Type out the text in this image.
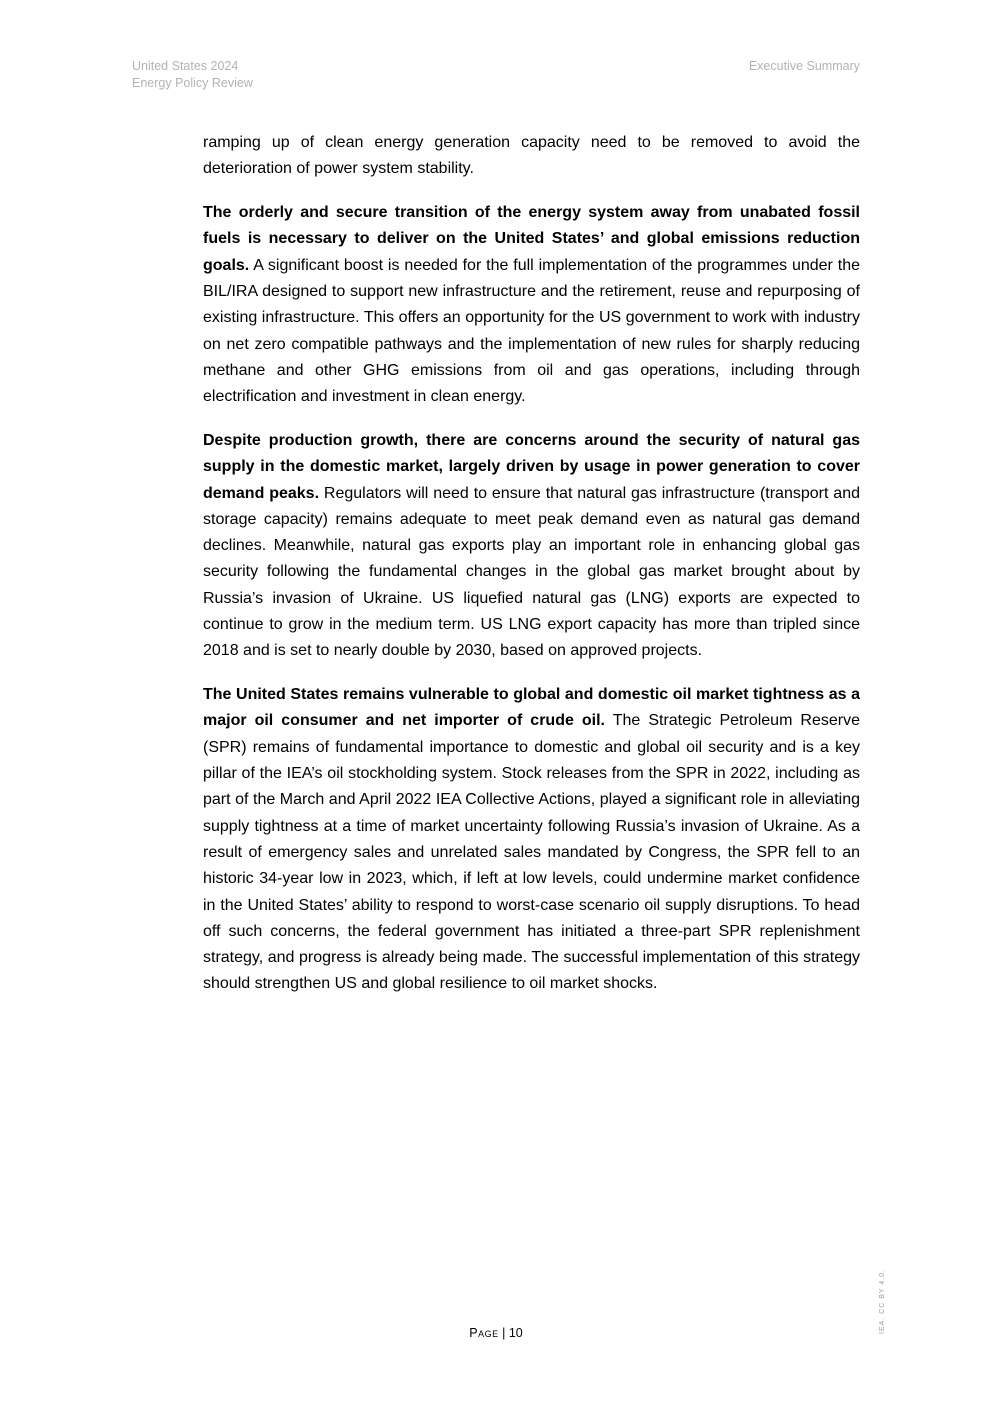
United States 2024
Energy Policy Review
Executive Summary

ramping up of clean energy generation capacity need to be removed to avoid the deterioration of power system stability.

The orderly and secure transition of the energy system away from unabated fossil fuels is necessary to deliver on the United States’ and global emissions reduction goals. A significant boost is needed for the full implementation of the programmes under the BIL/IRA designed to support new infrastructure and the retirement, reuse and repurposing of existing infrastructure. This offers an opportunity for the US government to work with industry on net zero compatible pathways and the implementation of new rules for sharply reducing methane and other GHG emissions from oil and gas operations, including through electrification and investment in clean energy.

Despite production growth, there are concerns around the security of natural gas supply in the domestic market, largely driven by usage in power generation to cover demand peaks. Regulators will need to ensure that natural gas infrastructure (transport and storage capacity) remains adequate to meet peak demand even as natural gas demand declines. Meanwhile, natural gas exports play an important role in enhancing global gas security following the fundamental changes in the global gas market brought about by Russia’s invasion of Ukraine. US liquefied natural gas (LNG) exports are expected to continue to grow in the medium term. US LNG export capacity has more than tripled since 2018 and is set to nearly double by 2030, based on approved projects.

The United States remains vulnerable to global and domestic oil market tightness as a major oil consumer and net importer of crude oil. The Strategic Petroleum Reserve (SPR) remains of fundamental importance to domestic and global oil security and is a key pillar of the IEA’s oil stockholding system. Stock releases from the SPR in 2022, including as part of the March and April 2022 IEA Collective Actions, played a significant role in alleviating supply tightness at a time of market uncertainty following Russia’s invasion of Ukraine. As a result of emergency sales and unrelated sales mandated by Congress, the SPR fell to an historic 34-year low in 2023, which, if left at low levels, could undermine market confidence in the United States’ ability to respond to worst-case scenario oil supply disruptions. To head off such concerns, the federal government has initiated a three-part SPR replenishment strategy, and progress is already being made. The successful implementation of this strategy should strengthen US and global resilience to oil market shocks.

Page | 10	IEA. CC BY 4.0.
